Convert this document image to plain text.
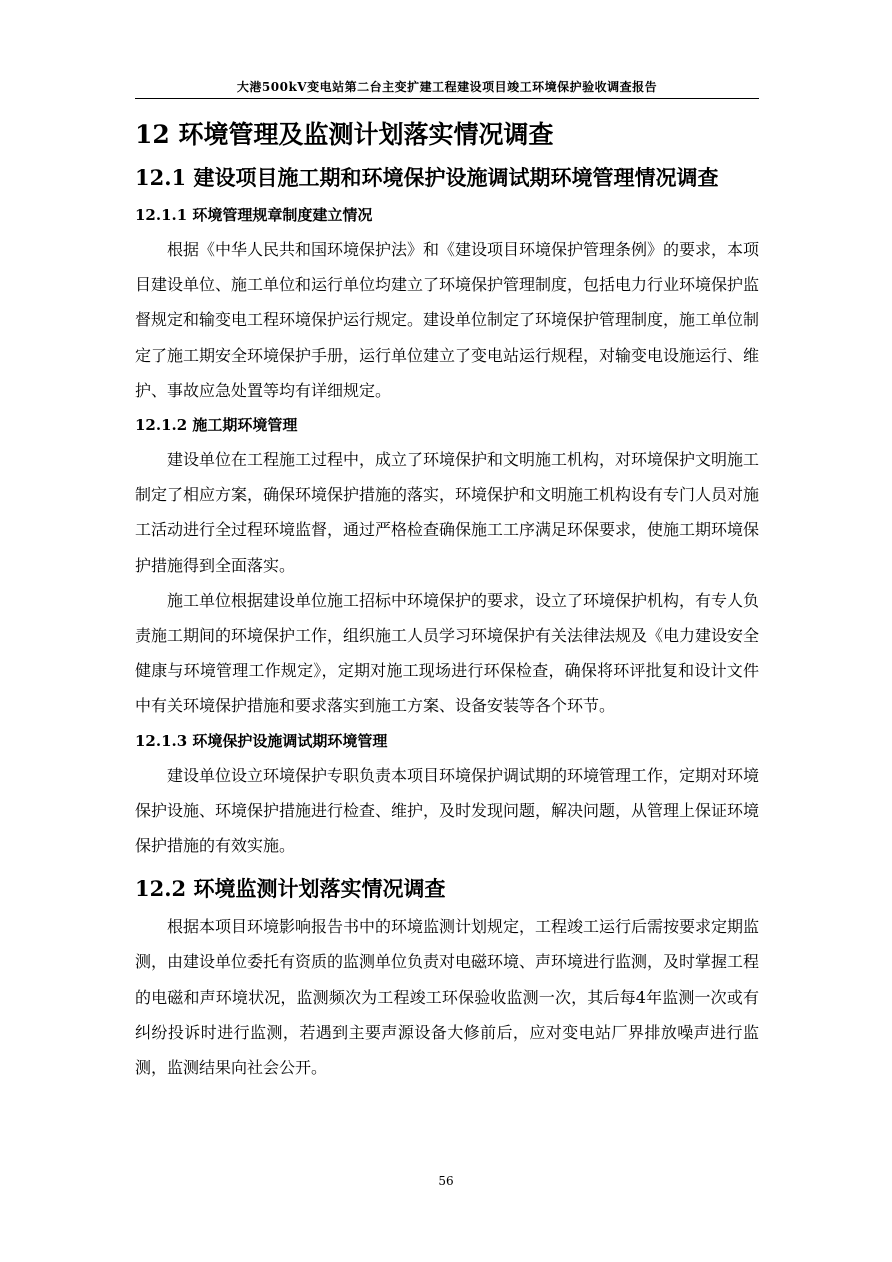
大港500kV变电站第二台主变扩建工程建设项目竣工环境保护验收调查报告
12 环境管理及监测计划落实情况调查
12.1 建设项目施工期和环境保护设施调试期环境管理情况调查
12.1.1 环境管理规章制度建立情况

根据《中华人民共和国环境保护法》和《建设项目环境保护管理条例》的要求，本项目建设单位、施工单位和运行单位均建立了环境保护管理制度，包括电力行业环境保护监督规定和输变电工程环境保护运行规定。建设单位制定了环境保护管理制度，施工单位制定了施工期安全环境保护手册，运行单位建立了变电站运行规程，对输变电设施运行、维护、事故应急处置等均有详细规定。

12.1.2 施工期环境管理

建设单位在工程施工过程中，成立了环境保护和文明施工机构，对环境保护文明施工制定了相应方案，确保环境保护措施的落实，环境保护和文明施工机构设有专门人员对施工活动进行全过程环境监督，通过严格检查确保施工工序满足环保要求，使施工期环境保护措施得到全面落实。

施工单位根据建设单位施工招标中环境保护的要求，设立了环境保护机构，有专人负责施工期间的环境保护工作，组织施工人员学习环境保护有关法律法规及《电力建设安全健康与环境管理工作规定》，定期对施工现场进行环保检查，确保将环评批复和设计文件中有关环境保护措施和要求落实到施工方案、设备安装等各个环节。

12.1.3 环境保护设施调试期环境管理

建设单位设立环境保护专职负责本项目环境保护调试期的环境管理工作，定期对环境保护设施、环境保护措施进行检查、维护，及时发现问题，解决问题，从管理上保证环境保护措施的有效实施。

12.2 环境监测计划落实情况调查

根据本项目环境影响报告书中的环境监测计划规定，工程竣工运行后需按要求定期监测，由建设单位委托有资质的监测单位负责对电磁环境、声环境进行监测，及时掌握工程的电磁和声环境状况，监测频次为工程竣工环保验收监测一次，其后每4年监测一次或有纠纷投诉时进行监测，若遇到主要声源设备大修前后，应对变电站厂界排放噪声进行监测，监测结果向社会公开。

56
